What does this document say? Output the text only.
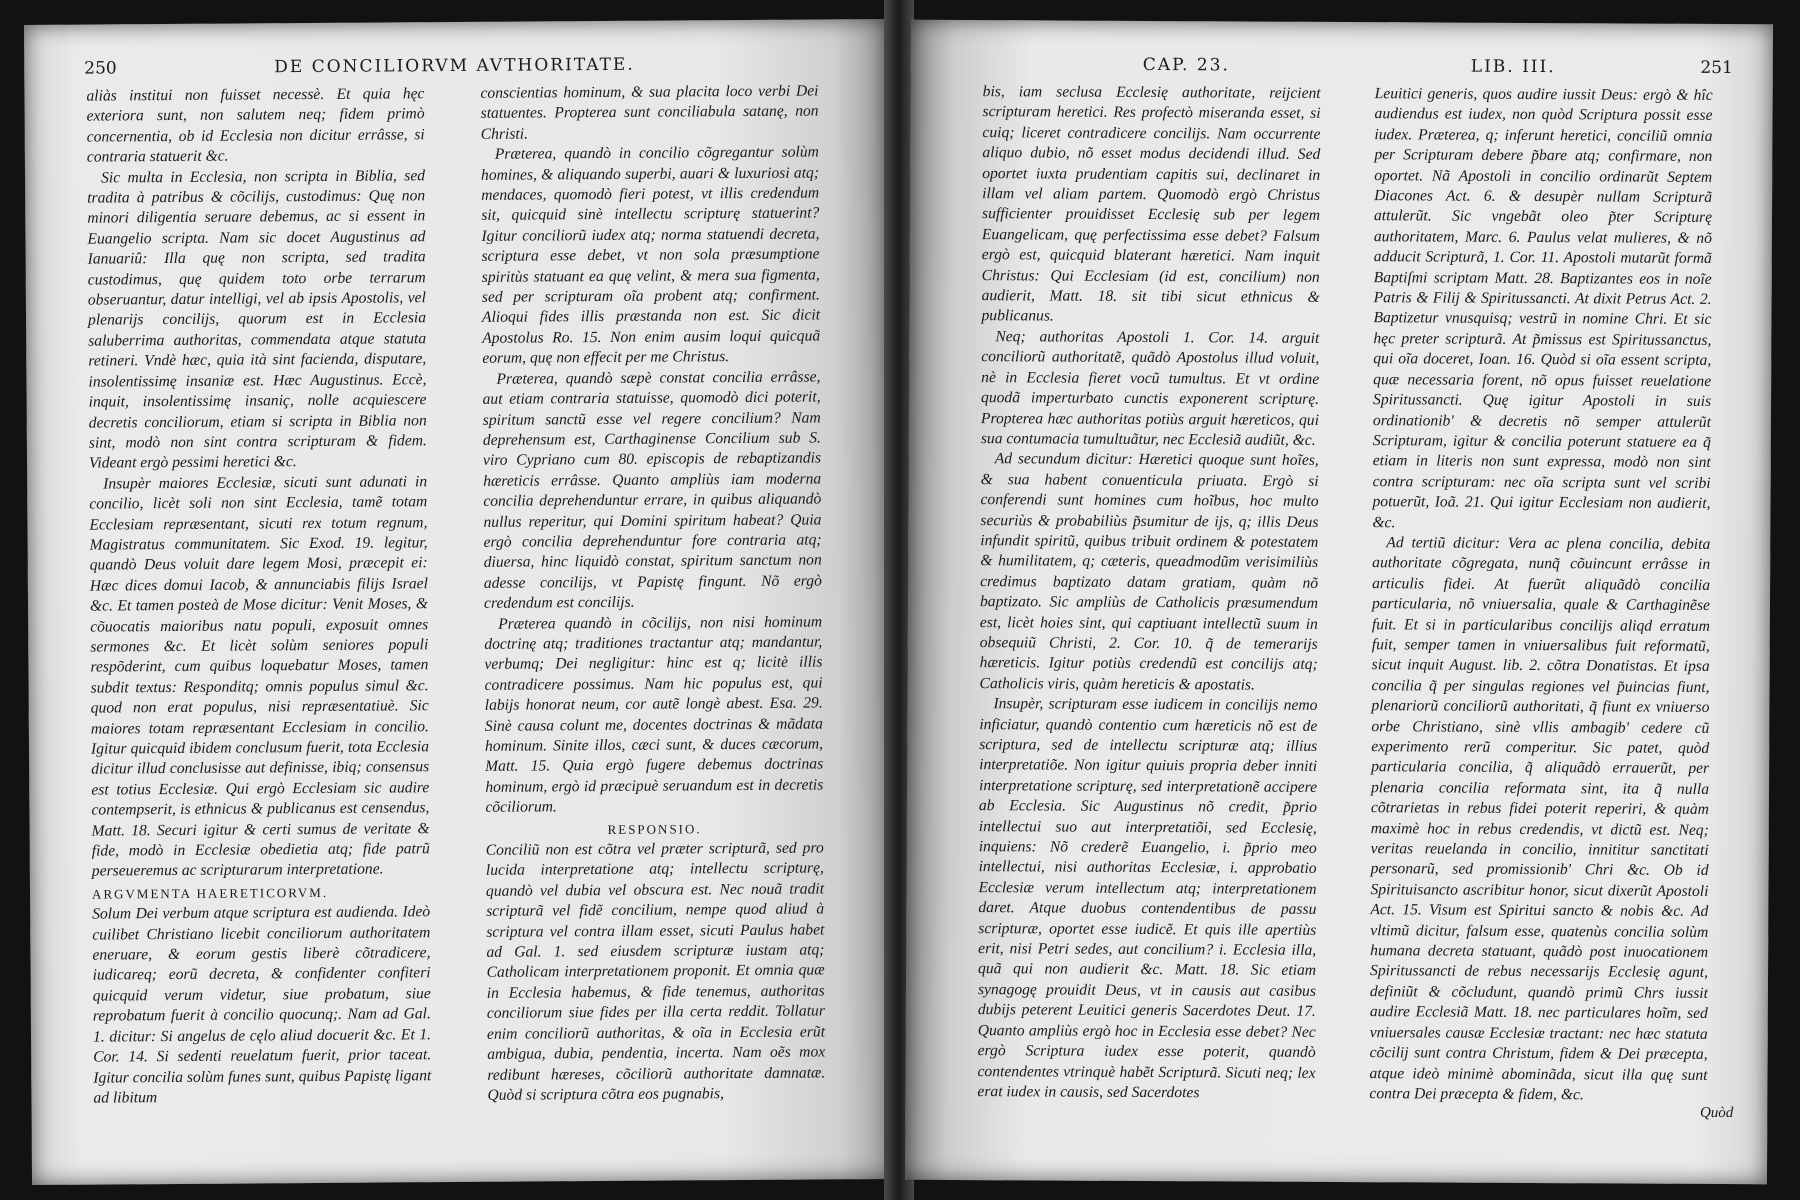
250	DE CONCILIORVM AVTHORITATE.

aliàs institui non fuisset necessè. Et quia hęc exteriora sunt, non salutem neq; fidem primò concernentia, ob id Ecclesia non dicitur errâsse, si contraria statuerit &c.

Sic multa in Ecclesia, non scripta in Biblia, sed tradita à patribus & cõcilijs, custodimus: Quę non minori diligentia seruare debemus, ac si essent in Euangelio scripta. Nam sic docet Augustinus ad Ianuariû: Illa quę non scripta, sed tradita custodimus, quę quidem toto orbe terrarum obseruantur, datur intelligi, vel ab ipsis Apostolis, vel plenarijs concilijs, quorum est in Ecclesia saluberrima authoritas, commendata atque statuta retineri. Vndè hæc, quia ità sint facienda, disputare, insolentissimę insaniæ est. Hæc Augustinus. Eccè, inquit, insolentissimę insaniç, nolle acquiescere decretis conciliorum, etiam si scripta in Biblia non sint, modò non sint contra scripturam & fidem. Videant ergò pessimi heretici &c.

Insupèr maiores Ecclesiæ, sicuti sunt adunati in concilio, licèt soli non sint Ecclesia, tamẽ totam Ecclesiam repræsentant, sicuti rex totum regnum, Magistratus communitatem. Sic Exod. 19. legitur, quandò Deus voluit dare legem Mosi, præcepit ei: Hæc dices domui Iacob, & annunciabis filijs Israel &c. Et tamen posteà de Mose dicitur: Venit Moses, & cõuocatis maioribus natu populi, exposuit omnes sermones &c. Et licèt solùm seniores populi respõderint, cum quibus loquebatur Moses, tamen subdit textus: Responditq; omnis populus simul &c. quod non erat populus, nisi repræsentatiuè. Sic maiores totam repræsentant Ecclesiam in concilio. Igitur quicquid ibidem conclusum fuerit, tota Ecclesia dicitur illud conclusisse aut definisse, ibiq; consensus est totius Ecclesiæ. Qui ergò Ecclesiam sic audire contempserit, is ethnicus & publicanus est censendus, Matt. 18. Securi igitur & certi sumus de veritate & fide, modò in Ecclesiæ obedietia atq; fide patrũ perseueremus ac scripturarum interpretatione.

ARGVMENTA HAERETICORVM.

Solum Dei verbum atque scriptura est audienda. Ideò cuilibet Christiano licebit conciliorum authoritatem eneruare, & eorum gestis liberè cõtradicere, iudicareq; eorũ decreta, & confidenter confiteri quicquid verum videtur, siue probatum, siue reprobatum fuerit à concilio quocunq;. Nam ad Gal. 1. dicitur: Si angelus de cęlo aliud docuerit &c. Et 1. Cor. 14. Si sedenti reuelatum fuerit, prior taceat. Igitur concilia solùm funes sunt, quibus Papistę ligant ad libitum

conscientias hominum, & sua placita loco verbi Dei statuentes. Propterea sunt conciliabula satanę, non Christi.

Præterea, quandò in concilio cõgregantur solùm homines, & aliquando superbi, auari & luxuriosi atq; mendaces, quomodò fieri potest, vt illis credendum sit, quicquid sinè intellectu scripturę statuerint? Igitur conciliorũ iudex atq; norma statuendi decreta, scriptura esse debet, vt non sola præsumptione spiritùs statuant ea quę velint, & mera sua figmenta, sed per scripturam oĩa probent atq; confirment. Alioqui fides illis præstanda non est. Sic dicit Apostolus Ro. 15. Non enim ausim loqui quicquã eorum, quę non effecit per me Christus.

Præterea, quandò sæpè constat concilia errâsse, aut etiam contraria statuisse, quomodò dici poterit, spiritum sanctũ esse vel regere concilium? Nam deprehensum est, Carthaginense Concilium sub S. viro Cypriano cum 80. episcopis de rebaptizandis hæreticis errâsse. Quanto ampliùs iam moderna concilia deprehenduntur errare, in quibus aliquandò nullus reperitur, qui Domini spiritum habeat? Quia ergò concilia deprehenduntur fore contraria atq; diuersa, hinc liquidò constat, spiritum sanctum non adesse concilijs, vt Papistę fingunt. Nõ ergò credendum est concilijs.

Præterea quandò in cõcilijs, non nisi hominum doctrinę atq; traditiones tractantur atq; mandantur, verbumq; Dei negligitur: hinc est q; licitè illis contradicere possimus. Nam hic populus est, qui labijs honorat neum, cor autẽ longè abest. Esa. 29. Sinè causa colunt me, docentes doctrinas & mãdata hominum. Sinite illos, cæci sunt, & duces cæcorum, Matt. 15. Quia ergò fugere debemus doctrinas hominum, ergò id præcipuè seruandum est in decretis cõciliorum.

RESPONSIO.

Conciliũ non est cõtra vel præter scripturã, sed pro lucida interpretatione atq; intellectu scripturę, quandò vel dubia vel obscura est. Nec nouã tradit scripturã vel fidẽ concilium, nempe quod aliud à scriptura vel contra illam esset, sicuti Paulus habet ad Gal. 1. sed eiusdem scripturæ iustam atq; Catholicam interpretationem proponit. Et omnia quæ in Ecclesia habemus, & fide tenemus, authoritas conciliorum siue fides per illa certa reddit. Tollatur enim conciliorũ authoritas, & oĩa in Ecclesia erũt ambigua, dubia, pendentia, incerta. Nam oẽs mox redibunt hæreses, cõciliorũ authoritate damnatæ. Quòd si scriptura cõtra eos pugnabis,

CAP. 23.	LIB. III.	251

bis, iam seclusa Ecclesię authoritate, reijcient scripturam heretici. Res profectò miseranda esset, si cuiq; liceret contradicere concilijs. Nam occurrente aliquo dubio, nõ esset modus decidendi illud. Sed oportet iuxta prudentiam capitis sui, declinaret in illam vel aliam partem. Quomodò ergò Christus sufficienter prouidisset Ecclesię sub per legem Euangelicam, quę perfectissima esse debet? Falsum ergò est, quicquid blaterant hæretici. Nam inquit Christus: Qui Ecclesiam (id est, concilium) non audierit, Matt. 18. sit tibi sicut ethnicus & publicanus.

Neq; authoritas Apostoli 1. Cor. 14. arguit conciliorũ authoritatẽ, quãdò Apostolus illud voluit, nè in Ecclesia fieret vocũ tumultus. Et vt ordine quodã imperturbato cunctis exponerent scripturę. Propterea hæc authoritas potiùs arguit hæreticos, qui sua contumacia tumultuãtur, nec Ecclesiã audiũt, &c.

Ad secundum dicitur: Hæretici quoque sunt hoĩes, & sua habent conuenticula priuata. Ergò si conferendi sunt homines cum hoĩbus, hoc multo securiùs & probabiliùs p̃sumitur de ijs, q; illis Deus infundit spiritũ, quibus tribuit ordinem & potestatem & humilitatem, q; cæteris, queadmodũm verisimiliùs credimus baptizato datam gratiam, quàm nõ baptizato. Sic ampliùs de Catholicis præsumendum est, licèt hoies sint, qui captiuant intellectũ suum in obsequiũ Christi, 2. Cor. 10. q̃ de temerarijs hæreticis. Igitur potiùs credendũ est concilijs atq; Catholicis viris, quàm hereticis & apostatis.

Insupèr, scripturam esse iudicem in concilijs nemo inficiatur, quandò contentio cum hæreticis nõ est de scriptura, sed de intellectu scripturæ atq; illius interpretatiõe. Non igitur quiuis propria deber inniti interpretatione scripturę, sed interpretationẽ accipere ab Ecclesia. Sic Augustinus nõ credit, p̃prio intellectui suo aut interpretatiõi, sed Ecclesię, inquiens: Nõ crederẽ Euangelio, i. p̃prio meo intellectui, nisi authoritas Ecclesiæ, i. approbatio Ecclesiæ verum intellectum atq; interpretationem daret. Atque duobus contendentibus de passu scripturæ, oportet esse iudicẽ. Et quis ille apertiùs erit, nisi Petri sedes, aut concilium? i. Ecclesia illa, quã qui non audierit &c. Matt. 18. Sic etiam synagogę prouidit Deus, vt in causis aut casibus dubijs peterent Leuitici generis Sacerdotes Deut. 17. Quanto ampliùs ergò hoc in Ecclesia esse debet? Nec ergò Scriptura iudex esse poterit, quandò contendentes vtrinquè habẽt Scripturã. Sicuti neq; lex erat iudex in causis, sed Sacerdotes

Leuitici generis, quos audire iussit Deus: ergò & hîc audiendus est iudex, non quòd Scriptura possit esse iudex. Præterea, q; inferunt heretici, conciliũ omnia per Scripturam debere p̃bare atq; confirmare, non oportet. Nã Apostoli in concilio ordinarũt Septem Diacones Act. 6. & desupèr nullam Scripturã attulerũt. Sic vngebãt oleo p̃ter Scripturę authoritatem, Marc. 6. Paulus velat mulieres, & nõ adducit Scripturã, 1. Cor. 11. Apostoli mutarũt formã Baptiſmi scriptam Matt. 28. Baptizantes eos in noĩe Patris & Filij & Spiritussancti. At dixit Petrus Act. 2. Baptizetur vnusquisq; vestrũ in nomine Chri. Et sic hęc preter scripturã. At p̃missus est Spiritussanctus, qui oĩa doceret, Ioan. 16. Quòd si oĩa essent scripta, quæ necessaria forent, nõ opus fuisset reuelatione Spiritussancti. Quę igitur Apostoli in suis ordinationib' & decretis nõ semper attulerũt Scripturam, igitur & concilia poterunt statuere ea q̃ etiam in literis non sunt expressa, modò non sint contra scripturam: nec oĩa scripta sunt vel scribi potuerũt, Ioã. 21. Qui igitur Ecclesiam non audierit, &c.

Ad tertiũ dicitur: Vera ac plena concilia, debita authoritate cõgregata, nunq̃ cõuincunt errâsse in articulis fidei. At fuerũt aliquãdò concilia particularia, nõ vniuersalia, quale & Carthaginẽse fuit. Et si in particularibus concilijs aliqd erratum fuit, semper tamen in vniuersalibus fuit reformatũ, sicut inquit August. lib. 2. cõtra Donatistas. Et ipsa concilia q̃ per singulas regiones vel p̃uincias fiunt, plenariorũ conciliorũ authoritati, q̃ fiunt ex vniuerso orbe Christiano, sinè vllis ambagib' cedere cũ experimento rerũ comperitur. Sic patet, quòd particularia concilia, q̃ aliquãdò errauerũt, per plenaria concilia reformata sint, ita q̃ nulla cõtrarietas in rebus fidei poterit reperiri, & quàm maximè hoc in rebus credendis, vt dictũ est. Neq; veritas reuelanda in concilio, innititur sanctitati personarũ, sed promissionib' Chri &c. Ob id Spirituisancto ascribitur honor, sicut dixerũt Apostoli Act. 15. Visum est Spiritui sancto & nobis &c. Ad vltimũ dicitur, falsum esse, quatenùs concilia solùm humana decreta statuant, quãdò post inuocationem Spiritussancti de rebus necessarijs Ecclesię agunt, definiũt & cõcludunt, quandò primũ Chrs iussit audire Ecclesiã Matt. 18. nec particulares hoĩm, sed vniuersales causæ Ecclesiæ tractant: nec hæc statuta cõcilij sunt contra Christum, fidem & Dei præcepta, atque ideò minimè abominãda, sicut illa quę sunt contra Dei præcepta & fidem, &c.

Quòd
